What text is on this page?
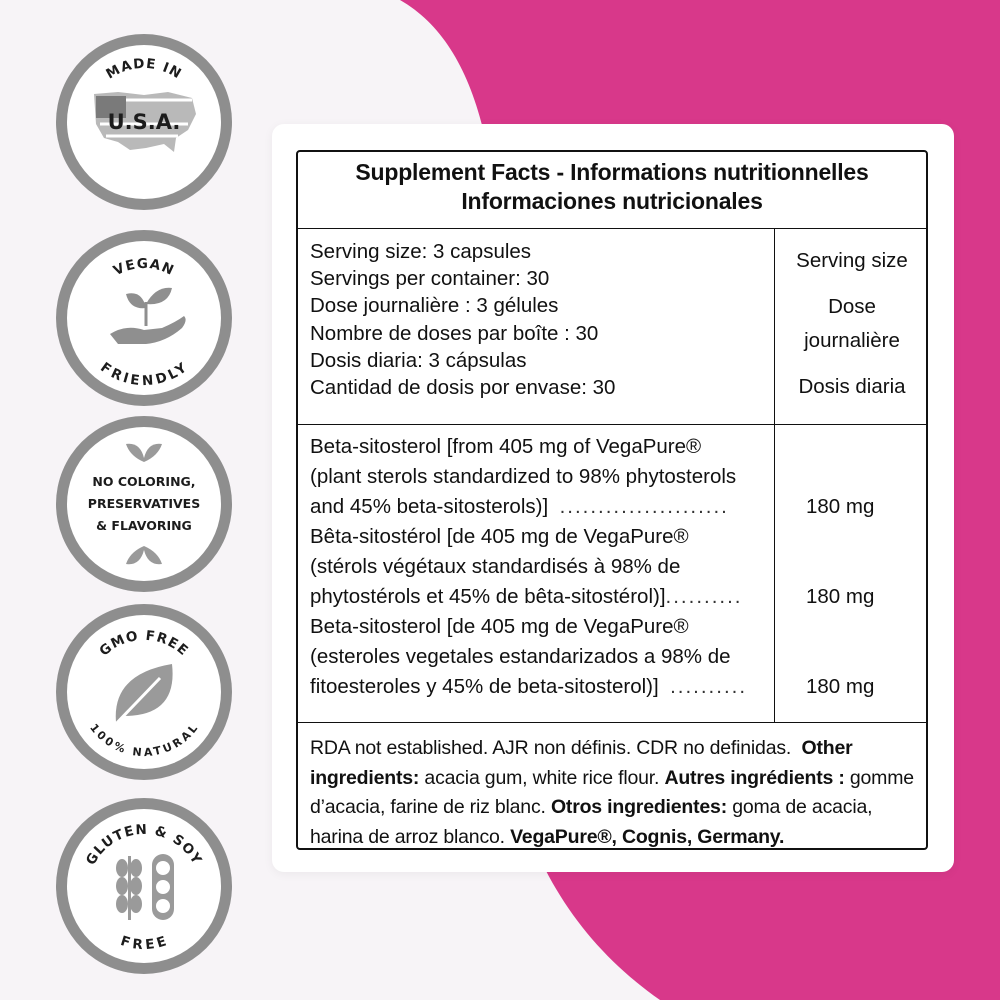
MADE IN
U.S.A.
VEGAN
FRIENDLY
NO COLORING,
PRESERVATIVES
& FLAVORING
GMO FREE
100% NATURAL
GLUTEN & SOY
FREE
Supplement Facts - Informations nutritionnelles
Informaciones nutricionales
Serving size: 3 capsules
Servings per container: 30
Dose journalière : 3 gélules
Nombre de doses par boîte : 30
Dosis diaria: 3 cápsulas
Cantidad de dosis por envase: 30
Serving size
Dose
journalière
Dosis diaria
Beta-sitosterol [from 405 mg of VegaPure®
(plant sterols standardized to 98% phytosterols
and 45% beta-sitosterols)] ......................	180 mg
Bêta-sitostérol [de 405 mg de VegaPure®
(stérols végétaux standardisés à 98% de
phytostérols et 45% de bêta-sitostérol)]..........	180 mg
Beta-sitosterol [de 405 mg de VegaPure®
(esteroles vegetales estandarizados a 98% de
fitoesteroles y 45% de beta-sitosterol)] ..........	180 mg
RDA not established. AJR non définis. CDR no definidas. Other ingredients: acacia gum, white rice flour. Autres ingrédients : gomme d’acacia, farine de riz blanc. Otros ingredientes: goma de acacia, harina de arroz blanco. VegaPure®, Cognis, Germany.
